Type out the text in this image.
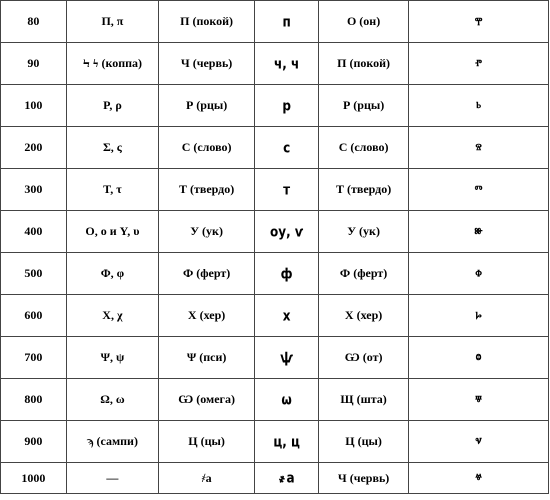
80	Π, π	П (покой)	п	О (он)	ⰹ
90	Ϟ ϟ (коппа)	Ч (червь)	ч, ч	П (покой)	ⱂ
100	Ρ, ρ	Р (рцы)	р	Р (рцы)	ⱃ
200	Σ, ς	С (слово)	с	С (слово)	ⱄ
300	Τ, τ	Т (твердо)	т	Т (твердо)	ⱅ
400	Ο, ο и Υ, υ	У (ук)	оу, ѵ	У (ук)	ⱆ
500	Φ, φ	Ф (ферт)	ф	Ф (ферт)	ⱇ
600	Χ, χ	Х (хер)	х	Х (хер)	ⱈ
700	Ψ, ψ	Ψ (пси)	ѱ	Ѡ (от)	ⱉ
800	Ω, ω	Ѡ (омега)	ѡ	Щ (шта)	ⱋ
900	ϡ (сампи)	Ц (цы)	ц, ц	Ц (цы)	ⱌ
1000	—	҂а	҂а	Ч (червь)	ⱍ
